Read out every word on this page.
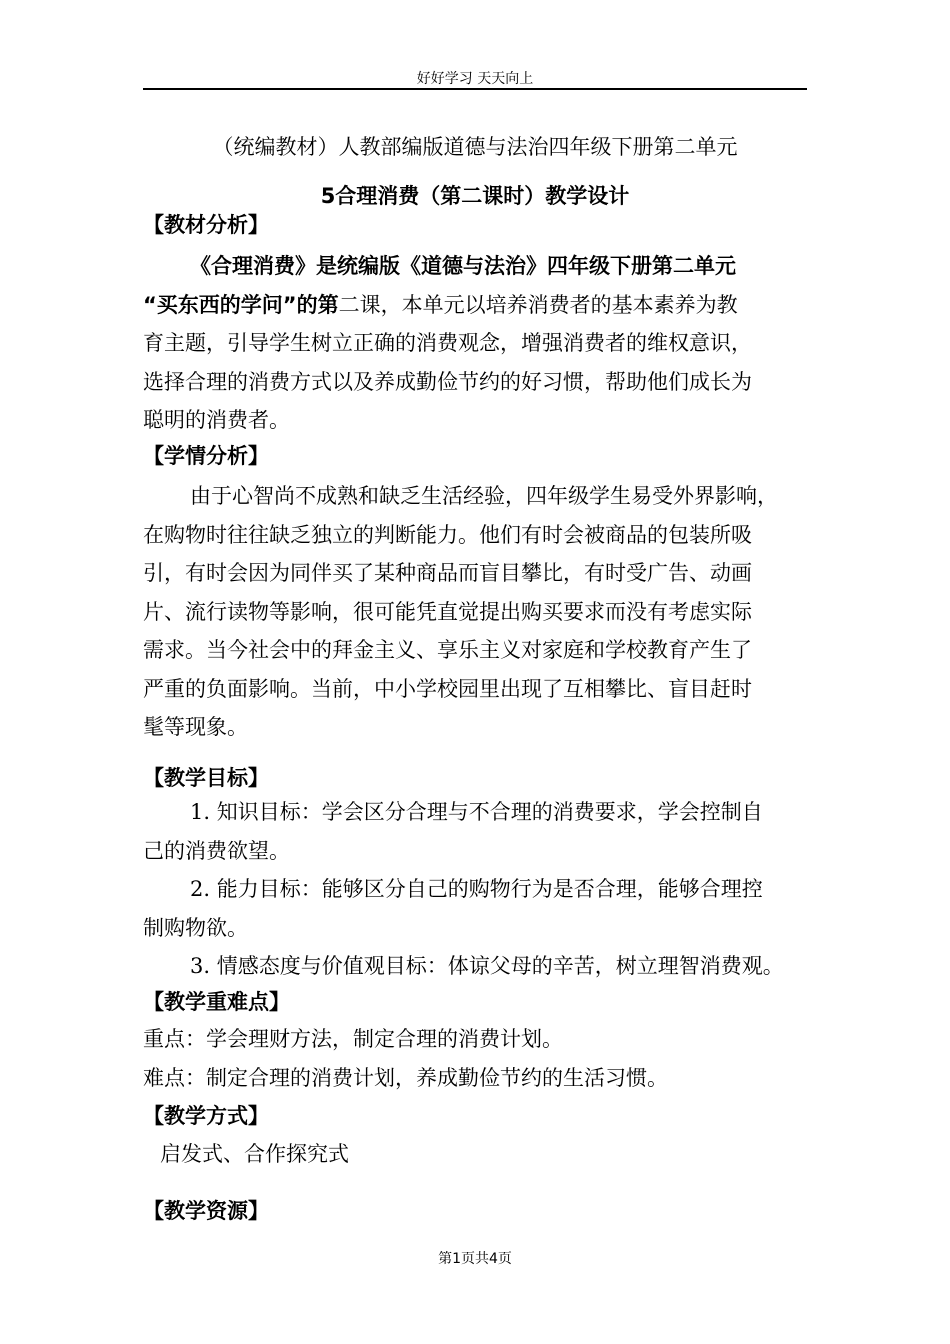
好好学习 天天向上
（统编教材）人教部编版道德与法治四年级下册第二单元
5合理消费（第二课时）教学设计
【教材分析】
《合理消费》是统编版《道德与法治》四年级下册第二单元
“买东西的学问”的第二课，本单元以培养消费者的基本素养为教
育主题，引导学生树立正确的消费观念，增强消费者的维权意识，
选择合理的消费方式以及养成勤俭节约的好习惯，帮助他们成长为
聪明的消费者。
【学情分析】
由于心智尚不成熟和缺乏生活经验，四年级学生易受外界影响，
在购物时往往缺乏独立的判断能力。他们有时会被商品的包装所吸
引，有时会因为同伴买了某种商品而盲目攀比，有时受广告、动画
片、流行读物等影响，很可能凭直觉提出购买要求而没有考虑实际
需求。当今社会中的拜金主义、享乐主义对家庭和学校教育产生了
严重的负面影响。当前，中小学校园里出现了互相攀比、盲目赶时
髦等现象。
【教学目标】
1. 知识目标：学会区分合理与不合理的消费要求，学会控制自
己的消费欲望。
2. 能力目标：能够区分自己的购物行为是否合理，能够合理控
制购物欲。
3. 情感态度与价值观目标：体谅父母的辛苦，树立理智消费观。
【教学重难点】
重点：学会理财方法，制定合理的消费计划。
难点：制定合理的消费计划，养成勤俭节约的生活习惯。
【教学方式】
启发式、合作探究式
【教学资源】
第1页共4页
